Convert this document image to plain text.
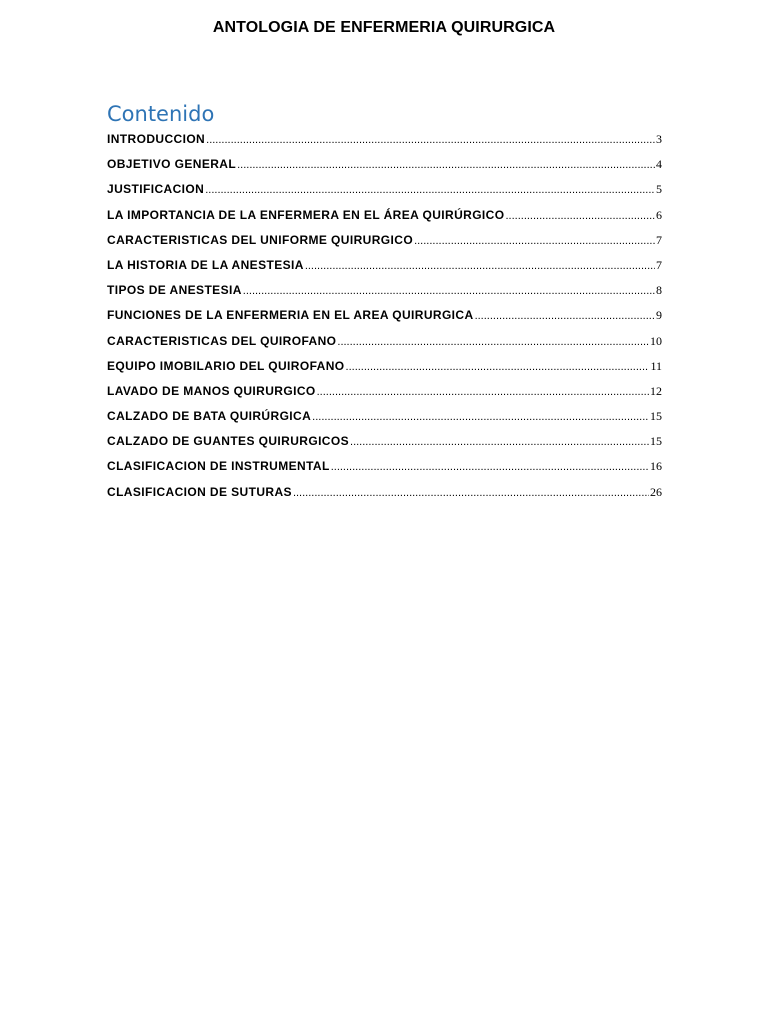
ANTOLOGIA DE ENFERMERIA QUIRURGICA
Contenido
INTRODUCCION .....	3
OBJETIVO GENERAL .....	4
JUSTIFICACION .....	5
LA IMPORTANCIA DE LA ENFERMERA EN EL ÁREA QUIRÚRGICO .....	6
CARACTERISTICAS DEL UNIFORME QUIRURGICO .....	7
LA HISTORIA DE LA ANESTESIA .....	7
TIPOS DE ANESTESIA .....	8
FUNCIONES DE LA ENFERMERIA EN EL AREA QUIRURGICA .....	9
CARACTERISTICAS DEL QUIROFANO .....	10
EQUIPO IMOBILARIO DEL QUIROFANO .....	11
LAVADO DE MANOS QUIRURGICO .....	12
CALZADO DE BATA QUIRÚRGICA .....	15
CALZADO DE GUANTES QUIRURGICOS .....	15
CLASIFICACION DE INSTRUMENTAL .....	16
CLASIFICACION DE SUTURAS .....	26
